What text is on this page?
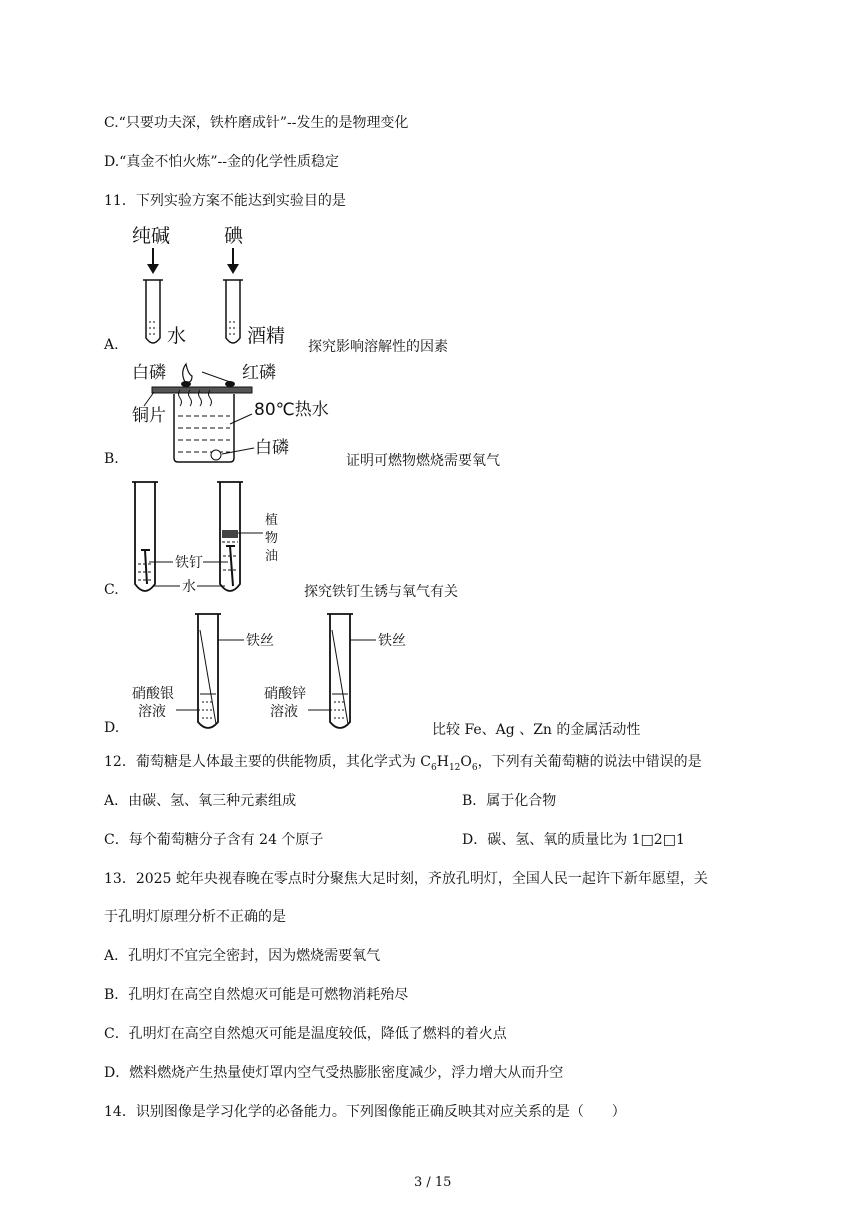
C.“只要功夫深，铁杵磨成针”--发生的是物理变化
D.“真金不怕火炼”--金的化学性质稳定
11．下列实验方案不能达到实验目的是
A.
纯碱	碘
水	酒精 探究影响溶解性的因素
B.
白磷	红磷
铜片	80℃热水
白磷
证明可燃物燃烧需要氧气
C.
植
物
油
铁钉
水	探究铁钉生锈与氧气有关
D.
铁丝
硝酸银
溶液
铁丝
硝酸锌
溶液
比较 Fe、Ag 、Zn 的金属活动性
12．葡萄糖是人体最主要的供能物质，其化学式为 $C_6H_{12}O_6$，下列有关葡萄糖的说法中错误的是
A．由碳、氢、氧三种元素组成	B．属于化合物
C．每个葡萄糖分子含有 24 个原子	D．碳、氢、氧的质量比为 1□2□1
13．2025 蛇年央视春晚在零点时分聚焦大足时刻，齐放孔明灯，全国人民一起许下新年愿望，关
于孔明灯原理分析不正确的是
A．孔明灯不宜完全密封，因为燃烧需要氧气
B．孔明灯在高空自然熄灭可能是可燃物消耗殆尽
C．孔明灯在高空自然熄灭可能是温度较低，降低了燃料的着火点
D．燃料燃烧产生热量使灯罩内空气受热膨胀密度减少，浮力增大从而升空
14．识别图像是学习化学的必备能力。下列图像能正确反映其对应关系的是（　　）
3 / 15
